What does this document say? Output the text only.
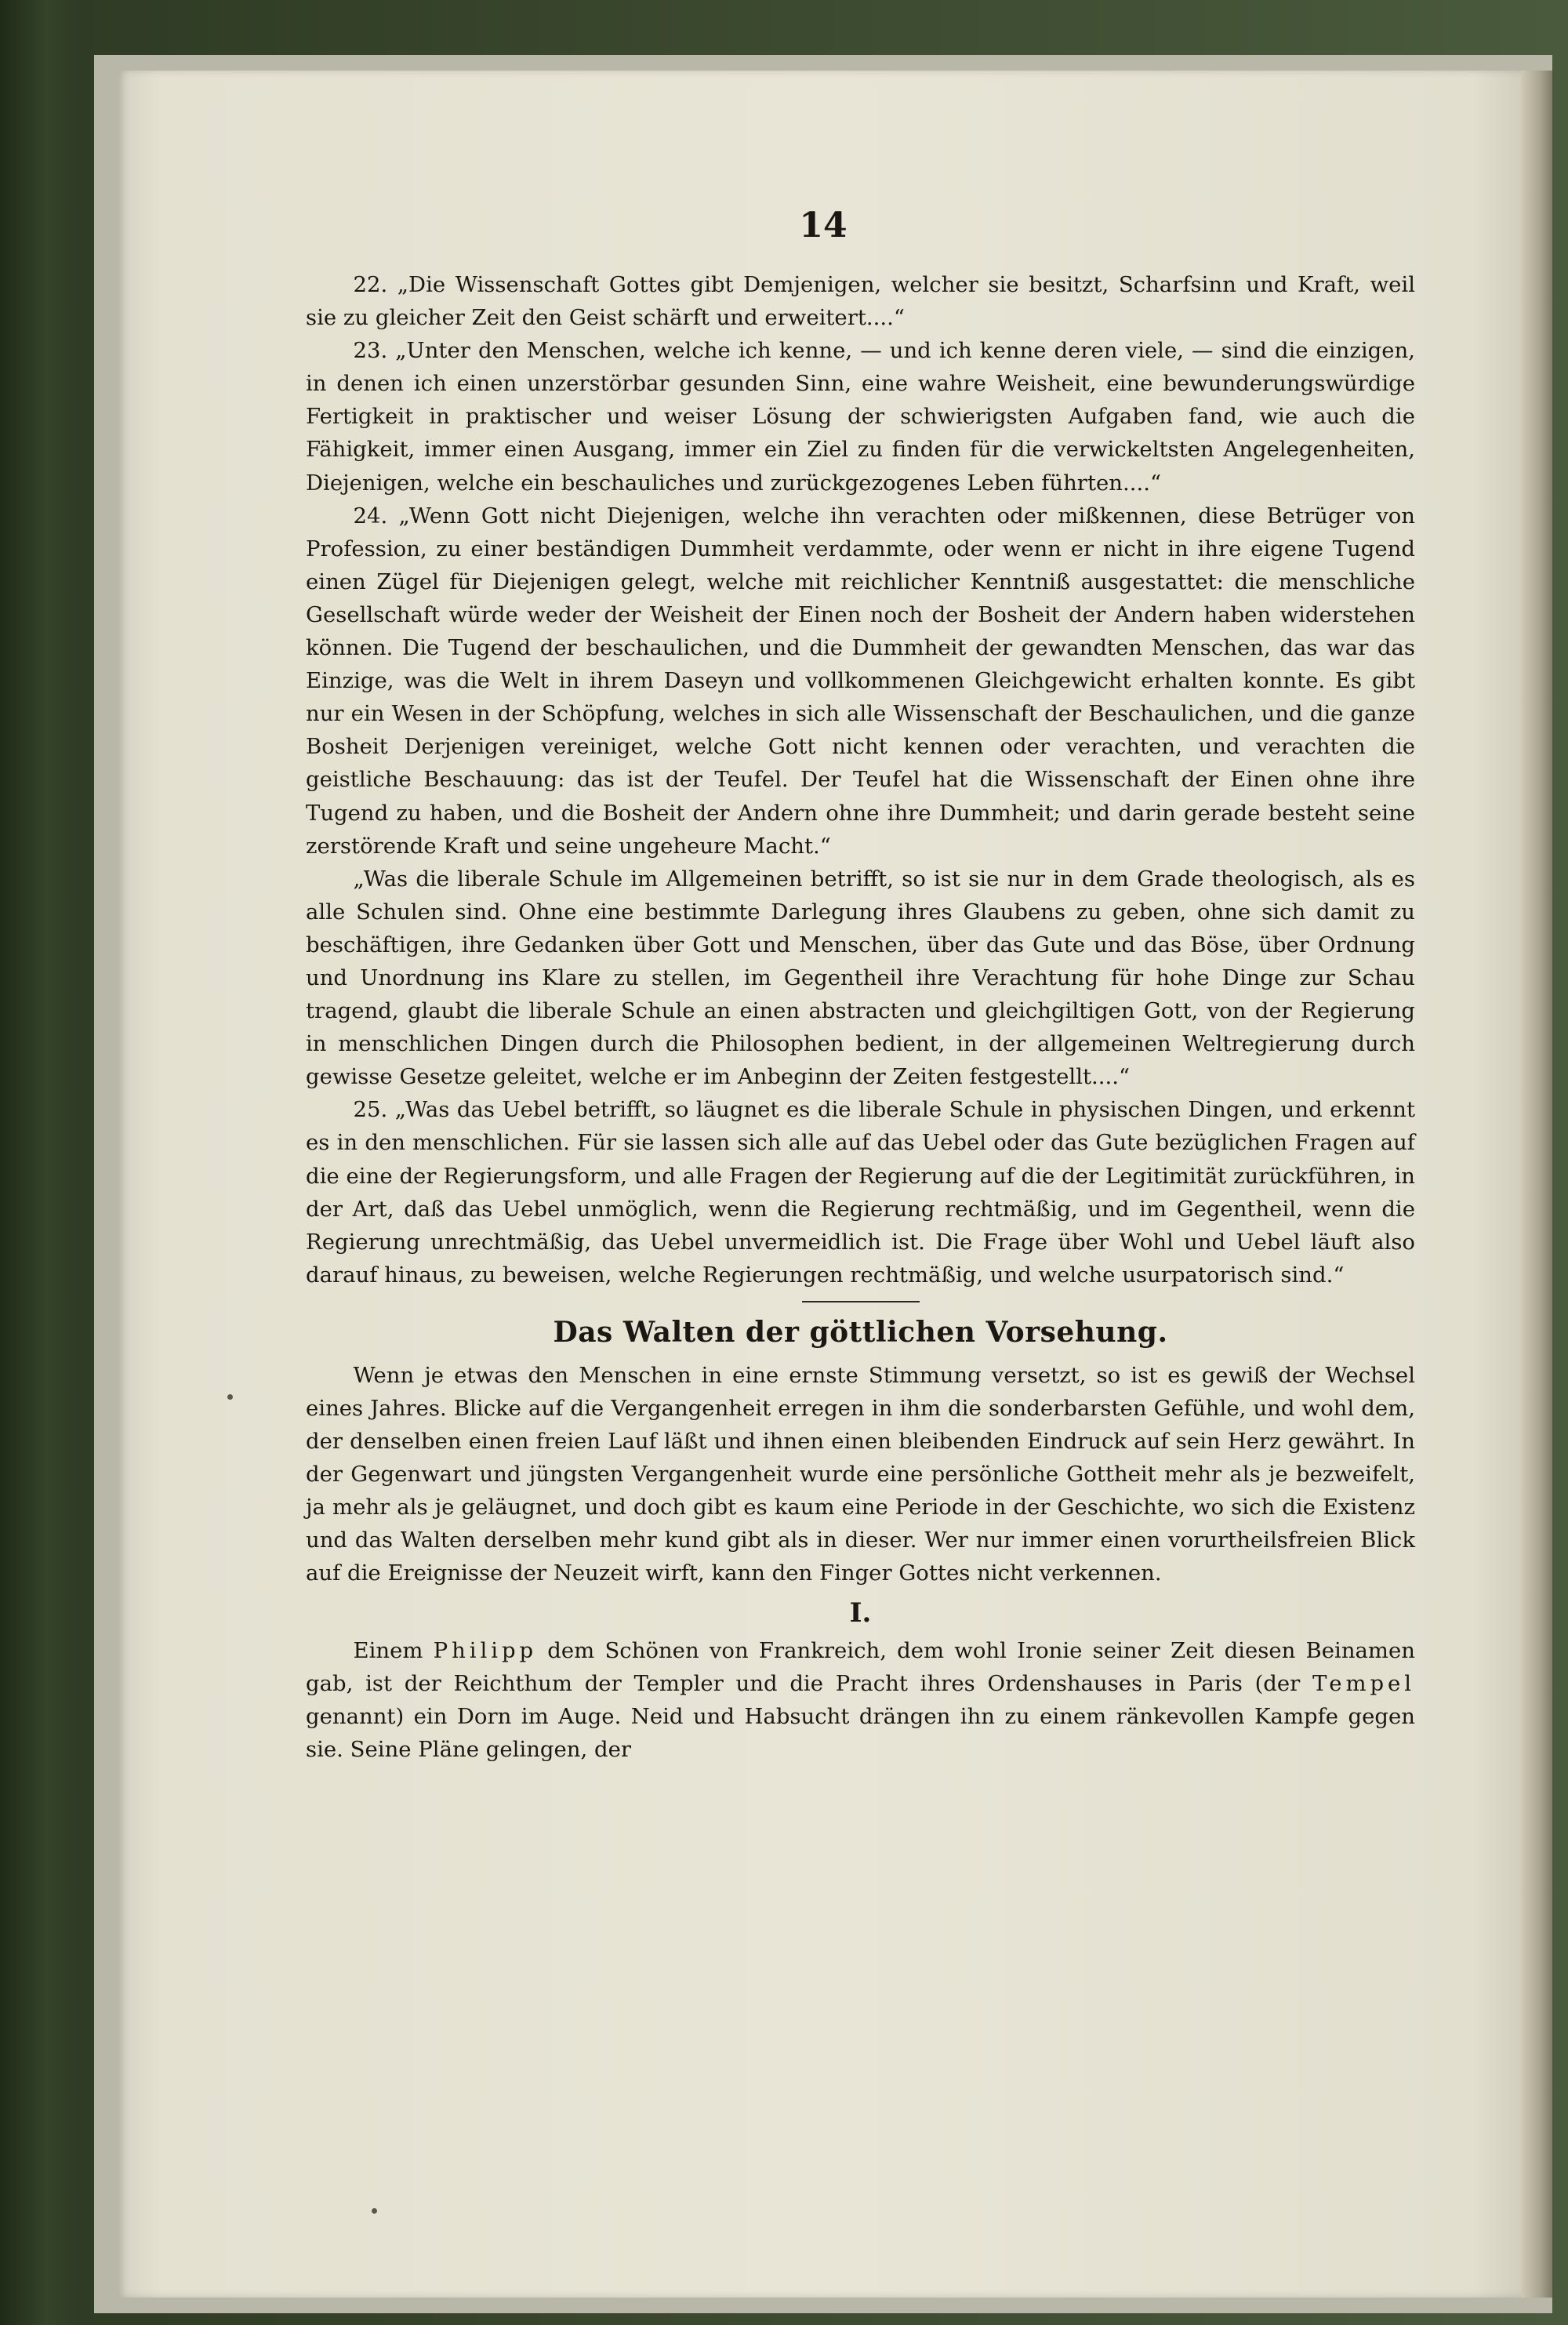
14

22. „Die Wissenschaft Gottes gibt Demjenigen, welcher sie besitzt, Scharfsinn und Kraft, weil sie zu gleicher Zeit den Geist schärft und erweitert....“

23. „Unter den Menschen, welche ich kenne, — und ich kenne deren viele, — sind die einzigen, in denen ich einen unzerstörbar gesunden Sinn, eine wahre Weisheit, eine bewunderungswürdige Fertigkeit in praktischer und weiser Lösung der schwierigsten Aufgaben fand, wie auch die Fähigkeit, immer einen Ausgang, immer ein Ziel zu finden für die verwickeltsten Angelegenheiten, Diejenigen, welche ein beschauliches und zurückgezogenes Leben führten....“

24. „Wenn Gott nicht Diejenigen, welche ihn verachten oder mißkennen, diese Betrüger von Profession, zu einer beständigen Dummheit verdammte, oder wenn er nicht in ihre eigene Tugend einen Zügel für Diejenigen gelegt, welche mit reichlicher Kenntniß ausgestattet: die menschliche Gesellschaft würde weder der Weisheit der Einen noch der Bosheit der Andern haben widerstehen können. Die Tugend der beschaulichen, und die Dummheit der gewandten Menschen, das war das Einzige, was die Welt in ihrem Daseyn und vollkommenen Gleichgewicht erhalten konnte. Es gibt nur ein Wesen in der Schöpfung, welches in sich alle Wissenschaft der Beschaulichen, und die ganze Bosheit Derjenigen vereiniget, welche Gott nicht kennen oder verachten, und verachten die geistliche Beschauung: das ist der Teufel. Der Teufel hat die Wissenschaft der Einen ohne ihre Tugend zu haben, und die Bosheit der Andern ohne ihre Dummheit; und darin gerade besteht seine zerstörende Kraft und seine ungeheure Macht.“

„Was die liberale Schule im Allgemeinen betrifft, so ist sie nur in dem Grade theologisch, als es alle Schulen sind. Ohne eine bestimmte Darlegung ihres Glaubens zu geben, ohne sich damit zu beschäftigen, ihre Gedanken über Gott und Menschen, über das Gute und das Böse, über Ordnung und Unordnung ins Klare zu stellen, im Gegentheil ihre Verachtung für hohe Dinge zur Schau tragend, glaubt die liberale Schule an einen abstracten und gleichgiltigen Gott, von der Regierung in menschlichen Dingen durch die Philosophen bedient, in der allgemeinen Weltregierung durch gewisse Gesetze geleitet, welche er im Anbeginn der Zeiten festgestellt....“

25. „Was das Uebel betrifft, so läugnet es die liberale Schule in physischen Dingen, und erkennt es in den menschlichen. Für sie lassen sich alle auf das Uebel oder das Gute bezüglichen Fragen auf die eine der Regierungsform, und alle Fragen der Regierung auf die der Legitimität zurückführen, in der Art, daß das Uebel unmöglich, wenn die Regierung rechtmäßig, und im Gegentheil, wenn die Regierung unrechtmäßig, das Uebel unvermeidlich ist. Die Frage über Wohl und Uebel läuft also darauf hinaus, zu beweisen, welche Regierungen rechtmäßig, und welche usurpatorisch sind.“

Das Walten der göttlichen Vorsehung.

Wenn je etwas den Menschen in eine ernste Stimmung versetzt, so ist es gewiß der Wechsel eines Jahres. Blicke auf die Vergangenheit erregen in ihm die sonderbarsten Gefühle, und wohl dem, der denselben einen freien Lauf läßt und ihnen einen bleibenden Eindruck auf sein Herz gewährt. In der Gegenwart und jüngsten Vergangenheit wurde eine persönliche Gottheit mehr als je bezweifelt, ja mehr als je geläugnet, und doch gibt es kaum eine Periode in der Geschichte, wo sich die Existenz und das Walten derselben mehr kund gibt als in dieser. Wer nur immer einen vorurtheilsfreien Blick auf die Ereignisse der Neuzeit wirft, kann den Finger Gottes nicht verkennen.

I.

Einem Philipp dem Schönen von Frankreich, dem wohl Ironie seiner Zeit diesen Beinamen gab, ist der Reichthum der Templer und die Pracht ihres Ordenshauses in Paris (der Tempel genannt) ein Dorn im Auge. Neid und Habsucht drängen ihn zu einem ränkevollen Kampfe gegen sie. Seine Pläne gelingen, der
